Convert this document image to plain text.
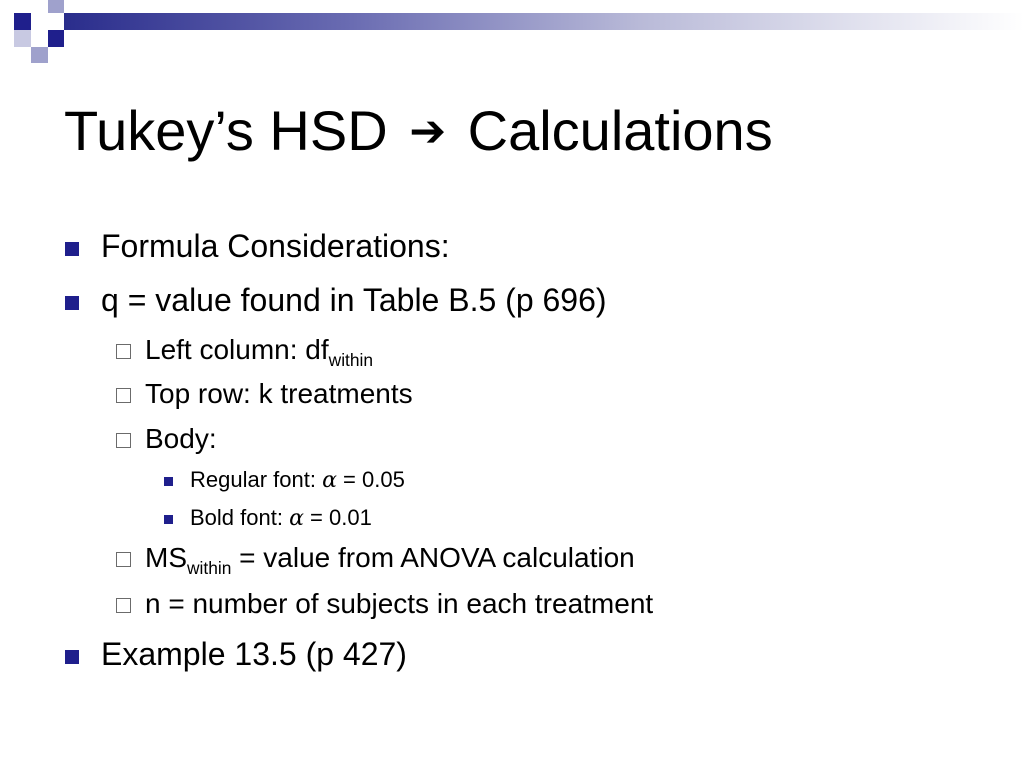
Tukey’s HSD ➔ Calculations
Formula Considerations:
q = value found in Table B.5 (p 696)
Left column: $df_{within}$
Top row: k treatments
Body:
Regular font: α = 0.05
Bold font: α = 0.01
$MS_{within}$ = value from ANOVA calculation
n = number of subjects in each treatment
Example 13.5 (p 427)
